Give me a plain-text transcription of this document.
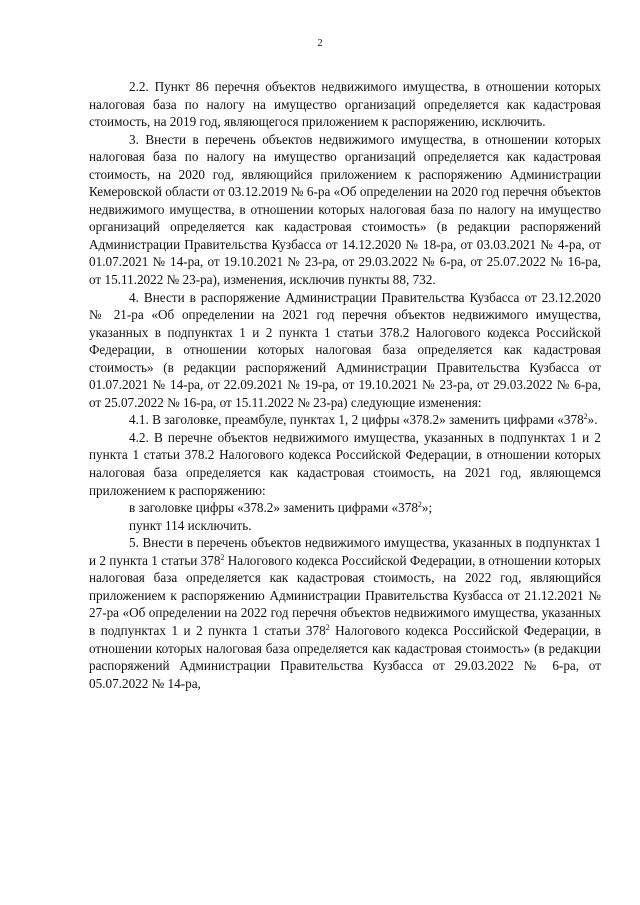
2

2.2. Пункт 86 перечня объектов недвижимого имущества, в отношении которых налоговая база по налогу на имущество организаций определяется как кадастровая стоимость, на 2019 год, являющегося приложением к распоряжению, исключить.

3. Внести в перечень объектов недвижимого имущества, в отношении которых налоговая база по налогу на имущество организаций определяется как кадастровая стоимость, на 2020 год, являющийся приложением к распоряжению Администрации Кемеровской области от 03.12.2019 № 6-ра «Об определении на 2020 год перечня объектов недвижимого имущества, в отношении которых налоговая база по налогу на имущество организаций определяется как кадастровая стоимость» (в редакции распоряжений Администрации Правительства Кузбасса от 14.12.2020 № 18-ра, от 03.03.2021 № 4-ра, от 01.07.2021 № 14-ра, от 19.10.2021 № 23-ра, от 29.03.2022 № 6-ра, от 25.07.2022 № 16-ра, от 15.11.2022 № 23-ра), изменения, исключив пункты 88, 732.

4. Внести в распоряжение Администрации Правительства Кузбасса от 23.12.2020 № 21-ра «Об определении на 2021 год перечня объектов недвижимого имущества, указанных в подпунктах 1 и 2 пункта 1 статьи 378.2 Налогового кодекса Российской Федерации, в отношении которых налоговая база определяется как кадастровая стоимость» (в редакции распоряжений Администрации Правительства Кузбасса от 01.07.2021 № 14-ра, от 22.09.2021 № 19-ра, от 19.10.2021 № 23-ра, от 29.03.2022 № 6-ра, от 25.07.2022 № 16-ра, от 15.11.2022 № 23-ра) следующие изменения:

4.1. В заголовке, преамбуле, пунктах 1, 2 цифры «378.2» заменить цифрами «$378^2$».

4.2. В перечне объектов недвижимого имущества, указанных в подпунктах 1 и 2 пункта 1 статьи 378.2 Налогового кодекса Российской Федерации, в отношении которых налоговая база определяется как кадастровая стоимость, на 2021 год, являющемся приложением к распоряжению:

в заголовке цифры «378.2» заменить цифрами «$378^2$»;

пункт 114 исключить.

5. Внести в перечень объектов недвижимого имущества, указанных в подпунктах 1 и 2 пункта 1 статьи $378^2$ Налогового кодекса Российской Федерации, в отношении которых налоговая база определяется как кадастровая стоимость, на 2022 год, являющийся приложением к распоряжению Администрации Правительства Кузбасса от 21.12.2021 № 27-ра «Об определении на 2022 год перечня объектов недвижимого имущества, указанных в подпунктах 1 и 2 пункта 1 статьи $378^2$ Налогового кодекса Российской Федерации, в отношении которых налоговая база определяется как кадастровая стоимость» (в редакции распоряжений Администрации Правительства Кузбасса от 29.03.2022 № 6-ра, от 05.07.2022 № 14-ра,
